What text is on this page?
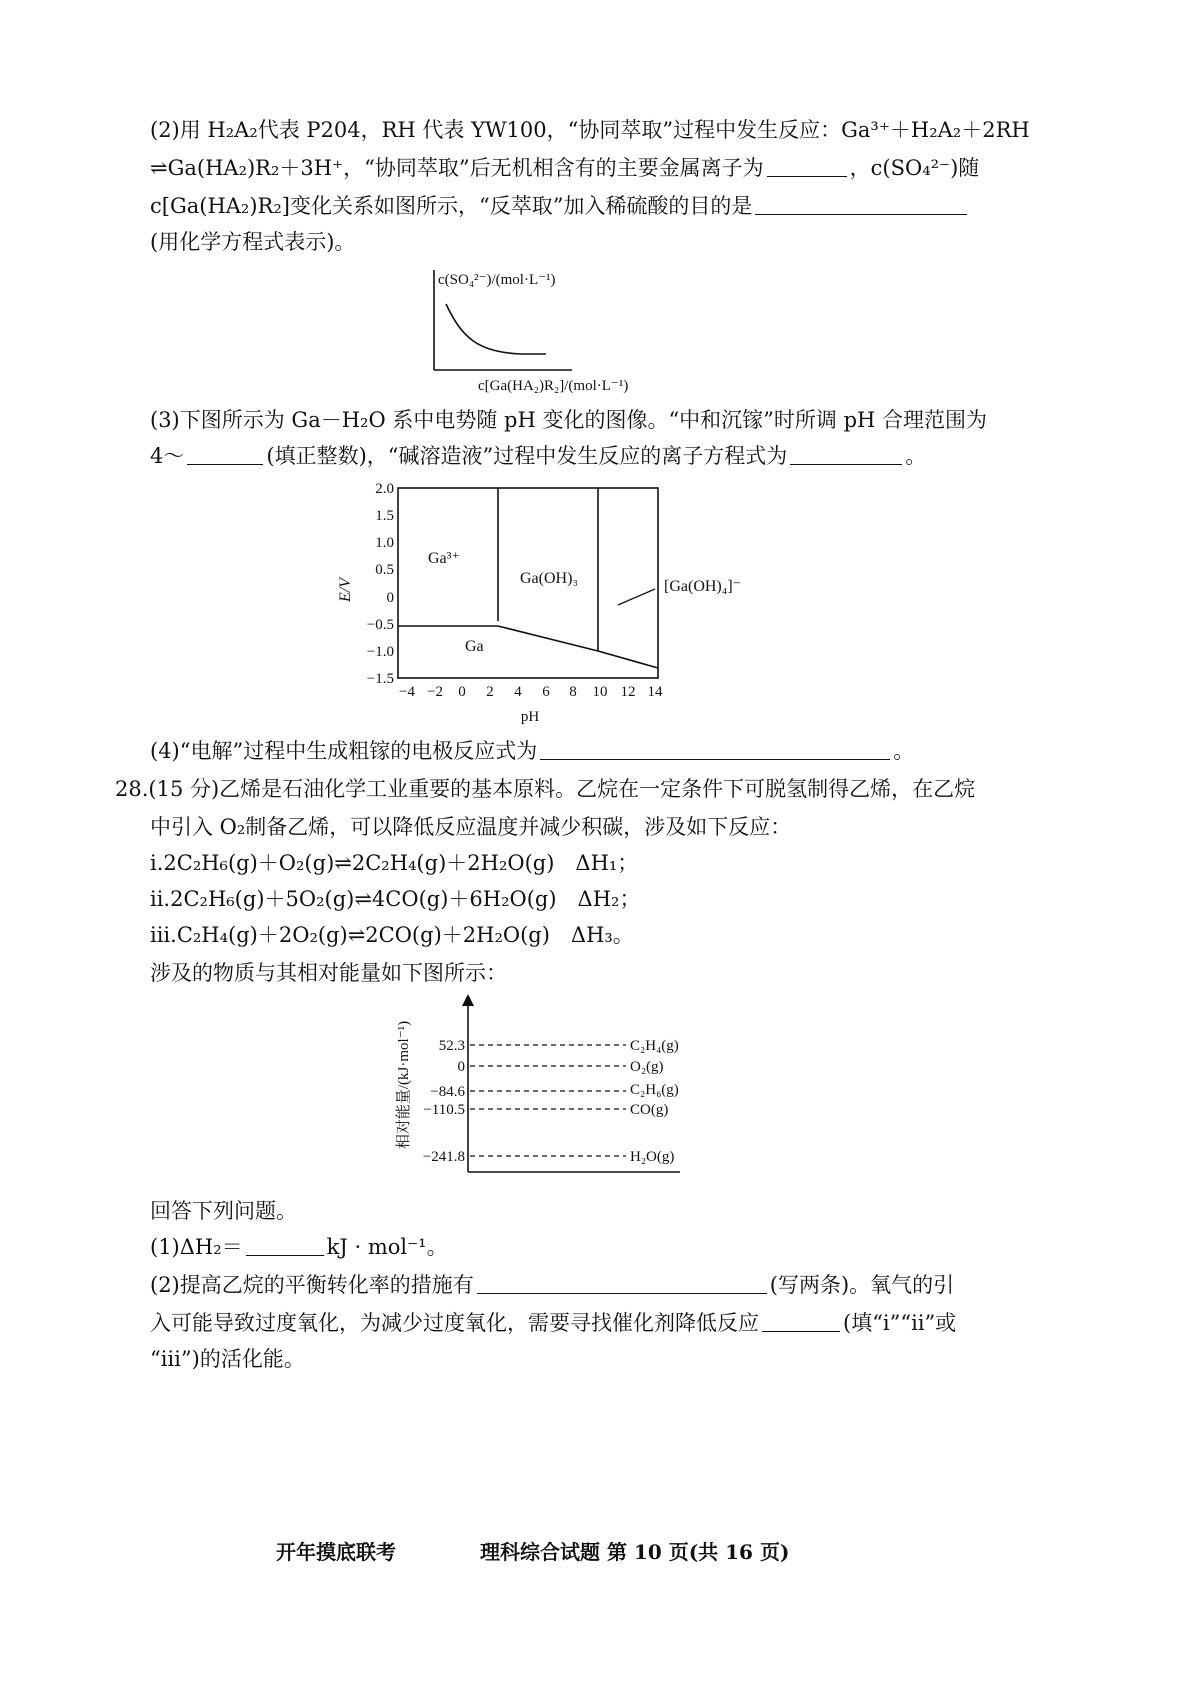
(2)用 H₂A₂代表 P204，RH 代表 YW100，“协同萃取”过程中发生反应：Ga³⁺＋H₂A₂＋2RH
⇌Ga(HA₂)R₂＋3H⁺，“协同萃取”后无机相含有的主要金属离子为	，c(SO₄²⁻)随
c[Ga(HA₂)R₂]变化关系如图所示，“反萃取”加入稀硫酸的目的是
(用化学方程式表示)。
c(SO₄²⁻)/(mol·L⁻¹)
c[Ga(HA₂)R₂]/(mol·L⁻¹)
(3)下图所示为 Ga－H₂O 系中电势随 pH 变化的图像。“中和沉镓”时所调 pH 合理范围为
4～	(填正整数)，“碱溶造液”过程中发生反应的离子方程式为	。
2.0
1.5
1.0
0.5
0
−0.5
−1.0
−1.5
−4 −2 0 2 4 6 8 10 12 14
pH
E/V
Ga³⁺
Ga(OH)₃
Ga
[Ga(OH)₄]⁻
(4)“电解”过程中生成粗镓的电极反应式为	。
28.(15 分)乙烯是石油化学工业重要的基本原料。乙烷在一定条件下可脱氢制得乙烯，在乙烷
中引入 O₂制备乙烯，可以降低反应温度并减少积碳，涉及如下反应：
ⅰ.2C₂H₆(g)＋O₂(g)⇌2C₂H₄(g)＋2H₂O(g)　ΔH₁；
ⅱ.2C₂H₆(g)＋5O₂(g)⇌4CO(g)＋6H₂O(g)　ΔH₂；
ⅲ.C₂H₄(g)＋2O₂(g)⇌2CO(g)＋2H₂O(g)　ΔH₃。
涉及的物质与其相对能量如下图所示：
52.3
0
−84.6
−110.5
−241.8
C₂H₄(g)
O₂(g)
C₂H₆(g)
CO(g)
H₂O(g)
相对能量/(kJ·mol⁻¹)
回答下列问题。
(1)ΔH₂＝	kJ · mol⁻¹。
(2)提高乙烷的平衡转化率的措施有	(写两条)。氧气的引
入可能导致过度氧化，为减少过度氧化，需要寻找催化剂降低反应	(填“ⅰ”“ⅱ”或
“ⅲ”)的活化能。
开年摸底联考	理科综合试题 第 10 页(共 16 页)
